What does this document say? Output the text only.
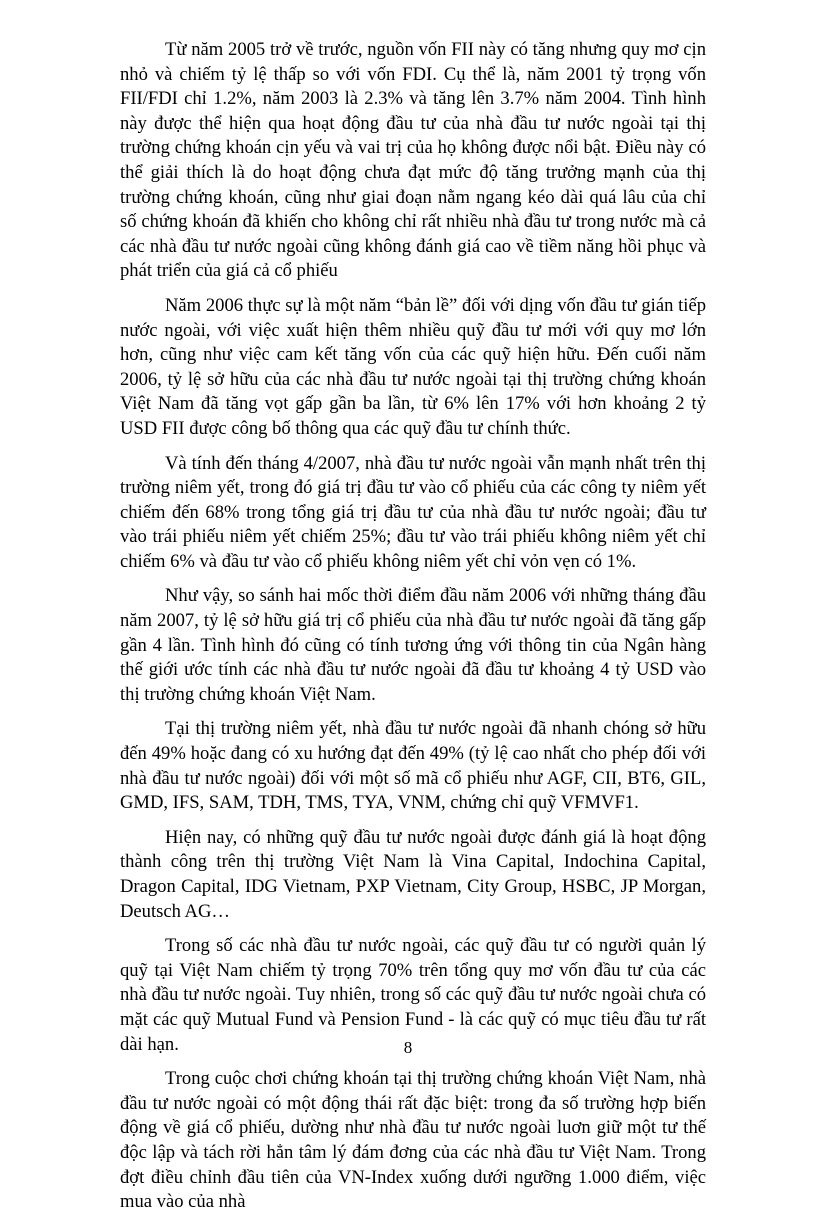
Từ năm 2005 trở về trước, nguồn vốn FII này có tăng nhưng quy mơ cịn nhỏ và chiếm tỷ lệ thấp so với vốn FDI. Cụ thể là, năm 2001 tỷ trọng vốn FII/FDI chỉ 1.2%, năm 2003 là 2.3% và tăng lên 3.7% năm 2004. Tình hình này được thể hiện qua hoạt động đầu tư của nhà đầu tư nước ngoài tại thị trường chứng khoán cịn yếu và vai trị của họ không được nổi bật. Điều này có thể giải thích là do hoạt động chưa đạt mức độ tăng trưởng mạnh của thị trường chứng khoán, cũng như giai đoạn nằm ngang kéo dài quá lâu của chỉ số chứng khoán đã khiến cho không chỉ rất nhiều nhà đầu tư trong nước mà cả các nhà đầu tư nước ngoài cũng không đánh giá cao về tiềm năng hồi phục và phát triển của giá cả cổ phiếu

Năm 2006 thực sự là một năm “bản lề” đối với dịng vốn đầu tư gián tiếp nước ngoài, với việc xuất hiện thêm nhiều quỹ đầu tư mới với quy mơ lớn hơn, cũng như việc cam kết tăng vốn của các quỹ hiện hữu. Đến cuối năm 2006, tỷ lệ sở hữu của các nhà đầu tư nước ngoài tại thị trường chứng khoán Việt Nam đã tăng vọt gấp gần ba lần, từ 6% lên 17% với hơn khoảng 2 tỷ USD FII được công bố thông qua các quỹ đầu tư chính thức.

Và tính đến tháng 4/2007, nhà đầu tư nước ngoài vẫn mạnh nhất trên thị trường niêm yết, trong đó giá trị đầu tư vào cổ phiếu của các công ty niêm yết chiếm đến 68% trong tổng giá trị đầu tư của nhà đầu tư nước ngoài; đầu tư vào trái phiếu niêm yết chiếm 25%; đầu tư vào trái phiếu không niêm yết chỉ chiếm 6% và đầu tư vào cổ phiếu không niêm yết chỉ vỏn vẹn có 1%.

Như vậy, so sánh hai mốc thời điểm đầu năm 2006 với những tháng đầu năm 2007, tỷ lệ sở hữu giá trị cổ phiếu của nhà đầu tư nước ngoài đã tăng gấp gần 4 lần. Tình hình đó cũng có tính tương ứng với thông tin của Ngân hàng thế giới ước tính các nhà đầu tư nước ngoài đã đầu tư khoảng 4 tỷ USD vào thị trường chứng khoán Việt Nam.

Tại thị trường niêm yết, nhà đầu tư nước ngoài đã nhanh chóng sở hữu đến 49% hoặc đang có xu hướng đạt đến 49% (tỷ lệ cao nhất cho phép đối với nhà đầu tư nước ngoài) đối với một số mã cổ phiếu như AGF, CII, BT6, GIL, GMD, IFS, SAM, TDH, TMS, TYA, VNM, chứng chỉ quỹ VFMVF1.

Hiện nay, có những quỹ đầu tư nước ngoài được đánh giá là hoạt động thành công trên thị trường Việt Nam là Vina Capital, Indochina Capital, Dragon Capital, IDG Vietnam, PXP Vietnam, City Group, HSBC, JP Morgan, Deutsch AG…

Trong số các nhà đầu tư nước ngoài, các quỹ đầu tư có người quản lý quỹ tại Việt Nam chiếm tỷ trọng 70% trên tổng quy mơ vốn đầu tư của các nhà đầu tư nước ngoài. Tuy nhiên, trong số các quỹ đầu tư nước ngoài chưa có mặt các quỹ Mutual Fund và Pension Fund - là các quỹ có mục tiêu đầu tư rất dài hạn.

Trong cuộc chơi chứng khoán tại thị trường chứng khoán Việt Nam, nhà đầu tư nước ngoài có một động thái rất đặc biệt: trong đa số trường hợp biến động về giá cổ phiếu, dường như nhà đầu tư nước ngoài luơn giữ một tư thế độc lập và tách rời hẳn tâm lý đám đơng của các nhà đầu tư Việt Nam. Trong đợt điều chỉnh đầu tiên của VN-Index xuống dưới ngưỡng 1.000 điểm, việc mua vào của nhà

8
